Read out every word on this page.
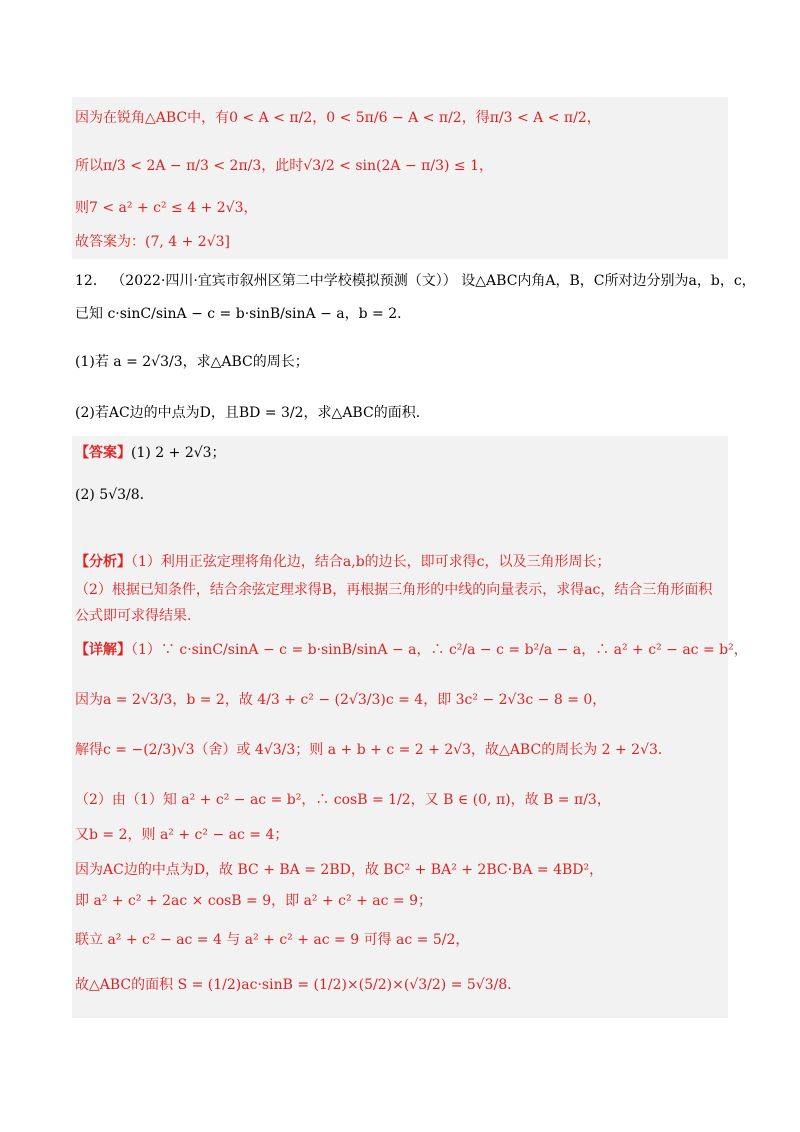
因为在锐角△ABC中，有0 < A < π/2，0 < 5π/6 − A < π/2，得π/3 < A < π/2，
所以π/3 < 2A − π/3 < 2π/3，此时√3/2 < sin(2A − π/3) ≤ 1，
则7 < a² + c² ≤ 4 + 2√3，
故答案为：(7, 4 + 2√3]
12． （2022·四川·宜宾市叙州区第二中学校模拟预测（文）） 设△ABC内角A，B，C所对边分别为a，b，c，
已知 c·sinC/sinA − c = b·sinB/sinA − a，b = 2．
(1)若 a = 2√3/3，求△ABC的周长；
(2)若AC边的中点为D，且BD = 3/2，求△ABC的面积.
【答案】(1) 2 + 2√3；
(2) 5√3/8．
【分析】（1）利用正弦定理将角化边，结合a,b的边长，即可求得c，以及三角形周长；
（2）根据已知条件，结合余弦定理求得B，再根据三角形的中线的向量表示，求得ac，结合三角形面积
公式即可求得结果.
【详解】（1）∵ c·sinC/sinA − c = b·sinB/sinA − a，∴ c²/a − c = b²/a − a，∴ a² + c² − ac = b²，
因为a = 2√3/3，b = 2，故 4/3 + c² − (2√3/3)c = 4，即 3c² − 2√3c − 8 = 0，
解得c = −(2/3)√3（舍）或 4√3/3；则 a + b + c = 2 + 2√3，故△ABC的周长为 2 + 2√3．
（2）由（1）知 a² + c² − ac = b²，∴ cosB = 1/2，又 B ∈ (0, π)，故 B = π/3，
又b = 2，则 a² + c² − ac = 4；
因为AC边的中点为D，故 BC + BA = 2BD，故 BC² + BA² + 2BC·BA = 4BD²，
即 a² + c² + 2ac × cosB = 9，即 a² + c² + ac = 9；
联立 a² + c² − ac = 4 与 a² + c² + ac = 9 可得 ac = 5/2，
故△ABC的面积 S = (1/2)ac·sinB = (1/2)×(5/2)×(√3/2) = 5√3/8．
